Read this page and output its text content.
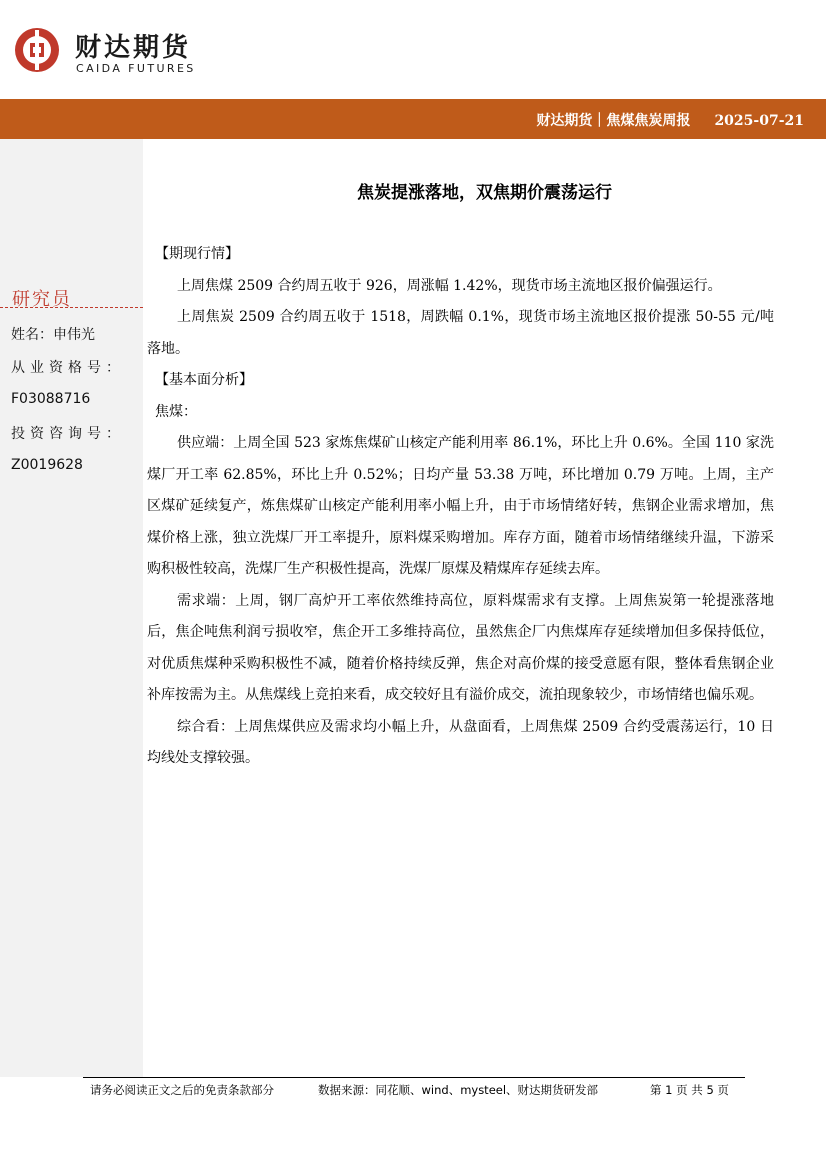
财达期货
CAIDA FUTURES
财达期货｜焦煤焦炭周报 2025-07-21
研究员
姓名：申伟光
从业资格号：
F03088716
投资咨询号：
Z0019628
焦炭提涨落地，双焦期价震荡运行

【期现行情】

上周焦煤 2509 合约周五收于 926，周涨幅 1.42%，现货市场主流地区报价偏强运行。

上周焦炭 2509 合约周五收于 1518，周跌幅 0.1%，现货市场主流地区报价提涨 50-55 元/吨落地。

【基本面分析】

焦煤：

供应端：上周全国 523 家炼焦煤矿山核定产能利用率 86.1%，环比上升 0.6%。全国 110 家洗煤厂开工率 62.85%，环比上升 0.52%；日均产量 53.38 万吨，环比增加 0.79 万吨。上周，主产区煤矿延续复产，炼焦煤矿山核定产能利用率小幅上升，由于市场情绪好转，焦钢企业需求增加，焦煤价格上涨，独立洗煤厂开工率提升，原料煤采购增加。库存方面，随着市场情绪继续升温，下游采购积极性较高，洗煤厂生产积极性提高，洗煤厂原煤及精煤库存延续去库。

需求端：上周，钢厂高炉开工率依然维持高位，原料煤需求有支撑。上周焦炭第一轮提涨落地后，焦企吨焦利润亏损收窄，焦企开工多维持高位，虽然焦企厂内焦煤库存延续增加但多保持低位，对优质焦煤种采购积极性不减，随着价格持续反弹，焦企对高价煤的接受意愿有限，整体看焦钢企业补库按需为主。从焦煤线上竞拍来看，成交较好且有溢价成交，流拍现象较少，市场情绪也偏乐观。

综合看：上周焦煤供应及需求均小幅上升，从盘面看，上周焦煤 2509 合约受震荡运行，10 日均线处支撑较强。

请务必阅读正文之后的免责条款部分	数据来源：同花顺、wind、mysteel、财达期货研发部	第 1 页 共 5 页
